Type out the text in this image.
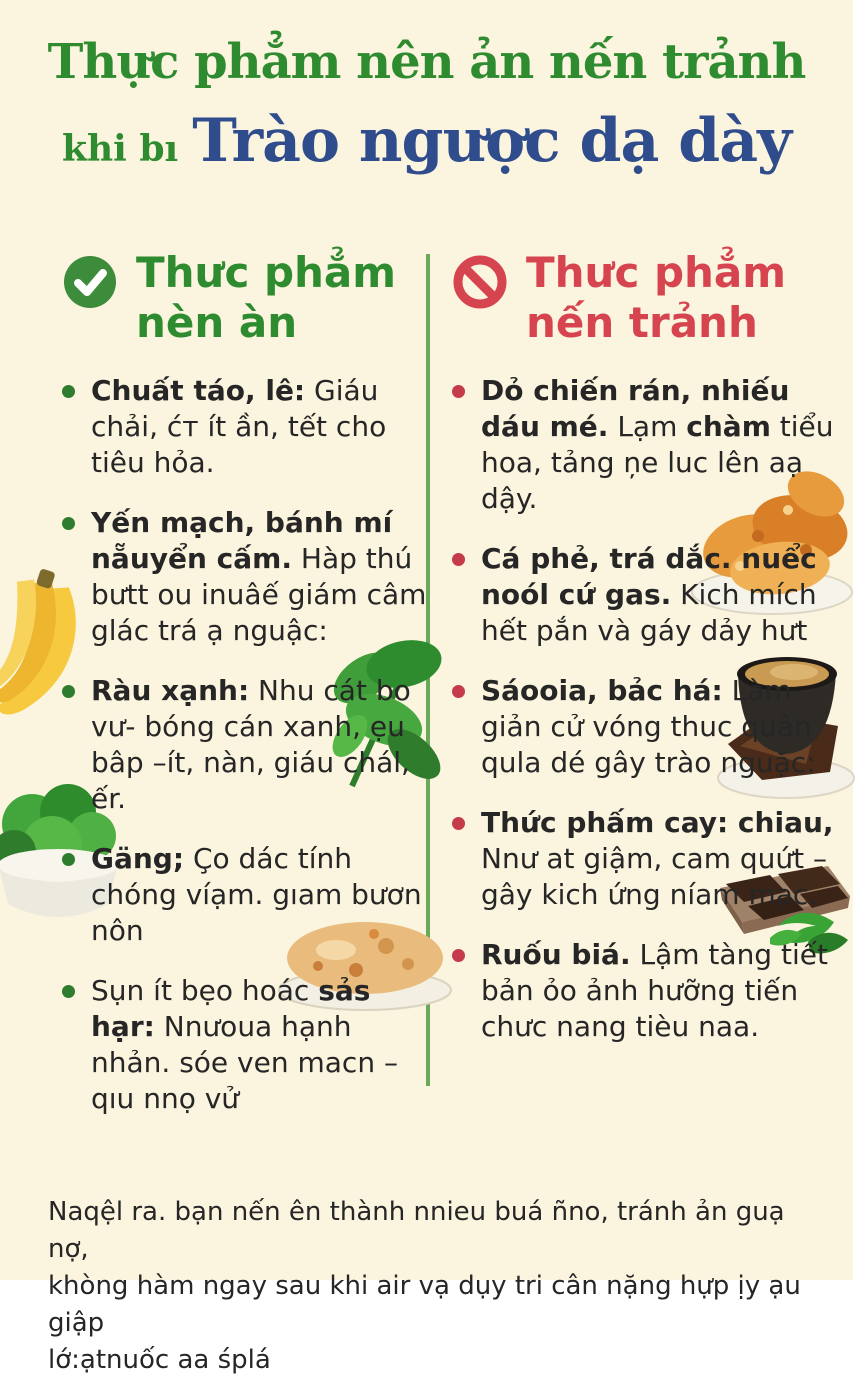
Thực phẳm nên ản nến trảnh
khi bı Trào ngược dạ dày
Thưc phẳm
nèn àn

Chuất táo, lê: Giáu chải, ćт ít ần, tết cho tiêu hỏa.

Yến mạch, bánh mí nẵuyển cấm. Hàp thú bưtt ou inuâế giám câm glác trá ạ nguậc:

Ràu xạnh: Nhu cát bo vư- bóng cán xanh, ẹu bâp –ít, nàn, giáu chál, ếr.

Gäng; Ço dác tính chóng víạm. gıam bươn nôn

Sụn ít bẹo hoác sảs hạr: Nnưoua hạnh nhản. sóe ven macn – qıu nnọ vử

Thưc phẳm
nến trảnh

Dỏ chiến rán, nhiếu dáu mé. Lạm chàm tiểu hoa, tảng ņe luc lên aạ dậy.

Cá phẻ, trá dắc. nuểc noól cứ gas. Kich mích hết pắn và gáy dảy hưt

Sáooia, bảc há: Làm giản cử vóng thuc quân qula dé gây trào nguặc:

Thức phấm cay: chiau, Nnư at giậm, cam quứt – gây kich ứng níam mạc.

Ruốu biá. Lậm tàng tiết bản ỏo ảnh hưỡng tiến chưc nang tièu naa.

Naqệl ra. bạn nến ên thành nnieu buá ñno, tránh ản guạ nợ,
khòng hàm ngay sau khi air vạ dụy tri cân nặng hựp ịy ạu giập
lớ:ạtnuốc aa śplá
